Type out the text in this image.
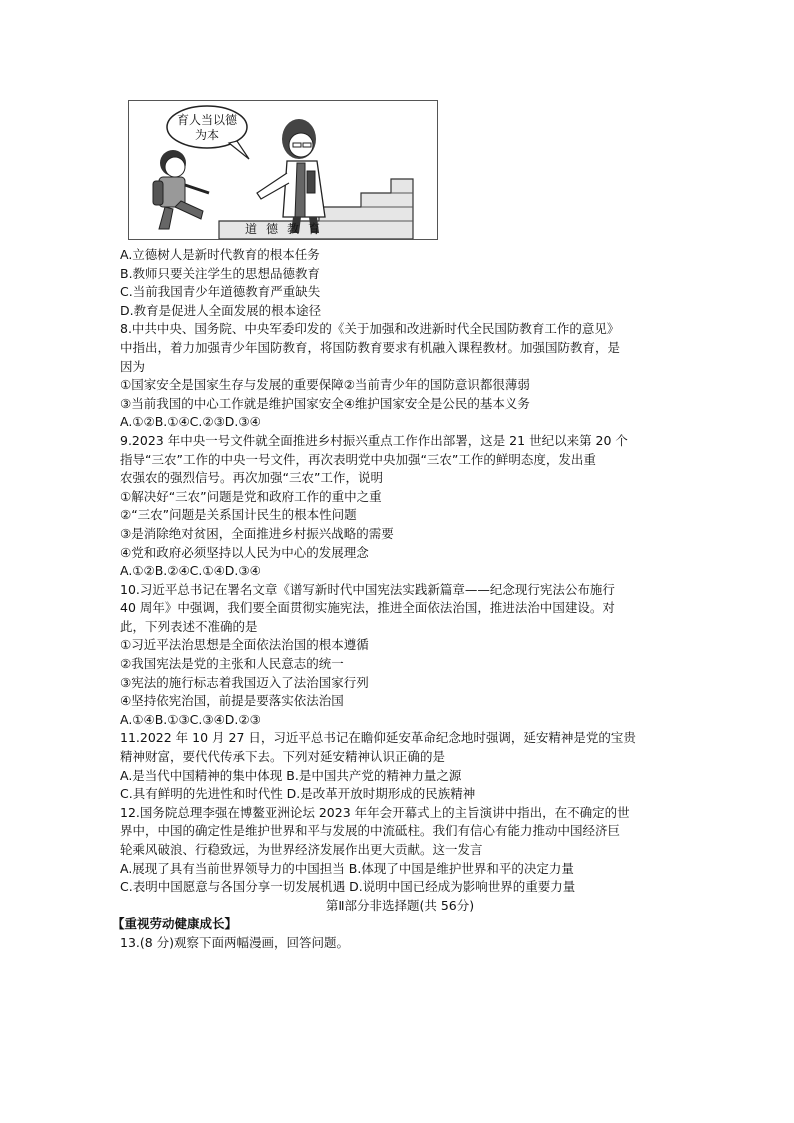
育人当以德为本
道德教育
A.立德树人是新时代教育的根本任务
B.教师只要关注学生的思想品德教育
C.当前我国青少年道德教育严重缺失
D.教育是促进人全面发展的根本途径
8.中共中央、国务院、中央军委印发的《关于加强和改进新时代全民国防教育工作的意见》
中指出，着力加强青少年国防教育，将国防教育要求有机融入课程教材。加强国防教育，是
因为
①国家安全是国家生存与发展的重要保障②当前青少年的国防意识都很薄弱
③当前我国的中心工作就是维护国家安全④维护国家安全是公民的基本义务
A.①②B.①④C.②③D.③④
9.2023 年中央一号文件就全面推进乡村振兴重点工作作出部署，这是 21 世纪以来第 20 个
指导“三农”工作的中央一号文件，再次表明党中央加强“三农”工作的鲜明态度，发出重
农强农的强烈信号。再次加强“三农”工作，说明
①解决好“三农”问题是党和政府工作的重中之重
②“三农”问题是关系国计民生的根本性问题
③是消除绝对贫困，全面推进乡村振兴战略的需要
④党和政府必须坚持以人民为中心的发展理念
A.①②B.②④C.①④D.③④
10.习近平总书记在署名文章《谱写新时代中国宪法实践新篇章——纪念现行宪法公布施行
40 周年》中强调，我们要全面贯彻实施宪法，推进全面依法治国，推进法治中国建设。对
此，下列表述不准确的是
①习近平法治思想是全面依法治国的根本遵循
②我国宪法是党的主张和人民意志的统一
③宪法的施行标志着我国迈入了法治国家行列
④坚持依宪治国，前提是要落实依法治国
A.①④B.①③C.③④D.②③
11.2022 年 10 月 27 日，习近平总书记在瞻仰延安革命纪念地时强调，延安精神是党的宝贵
精神财富，要代代传承下去。下列对延安精神认识正确的是
A.是当代中国精神的集中体现 B.是中国共产党的精神力量之源
C.具有鲜明的先进性和时代性 D.是改革开放时期形成的民族精神
12.国务院总理李强在博鳌亚洲论坛 2023 年年会开幕式上的主旨演讲中指出，在不确定的世
界中，中国的确定性是维护世界和平与发展的中流砥柱。我们有信心有能力推动中国经济巨
轮乘风破浪、行稳致远，为世界经济发展作出更大贡献。这一发言
A.展现了具有当前世界领导力的中国担当 B.体现了中国是维护世界和平的决定力量
C.表明中国愿意与各国分享一切发展机遇 D.说明中国已经成为影响世界的重要力量
第Ⅱ部分非选择题(共 56分)
【重视劳动健康成长】
13.(8 分)观察下面两幅漫画，回答问题。
